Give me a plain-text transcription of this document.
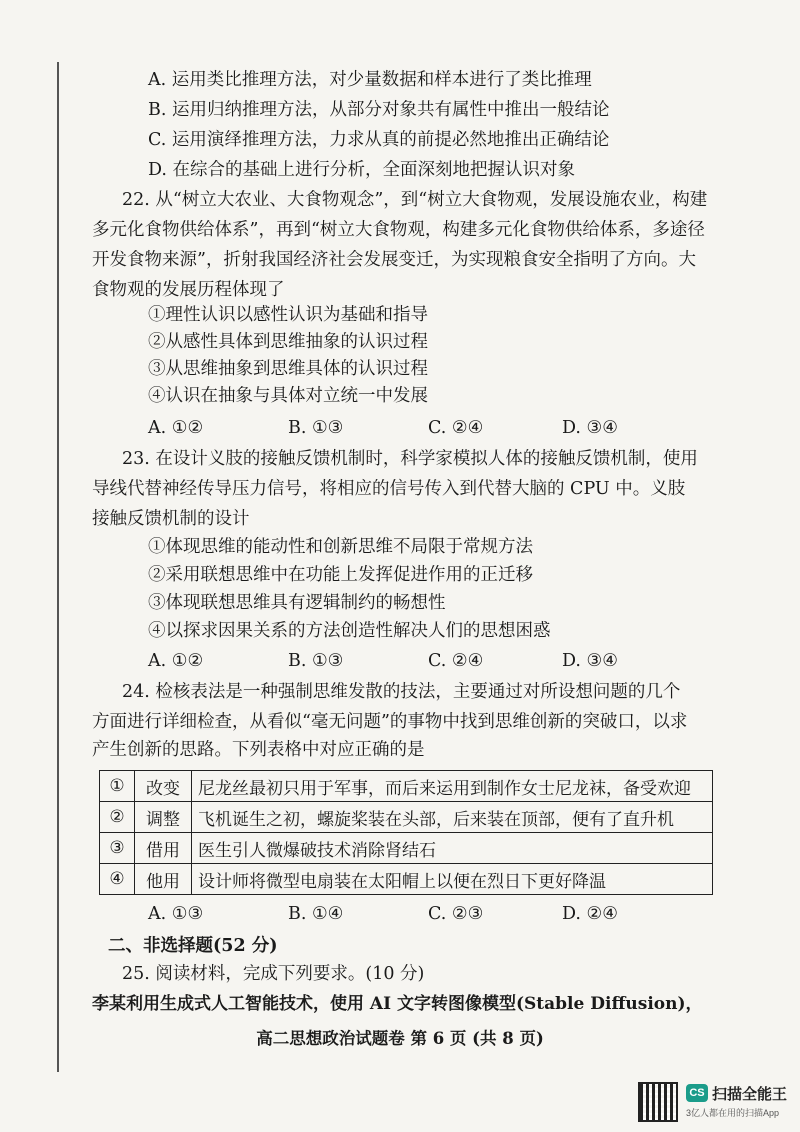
A. 运用类比推理方法，对少量数据和样本进行了类比推理
B. 运用归纳推理方法，从部分对象共有属性中推出一般结论
C. 运用演绎推理方法，力求从真的前提必然地推出正确结论
D. 在综合的基础上进行分析，全面深刻地把握认识对象
22. 从“树立大农业、大食物观念”，到“树立大食物观，发展设施农业，构建
多元化食物供给体系”，再到“树立大食物观，构建多元化食物供给体系，多途径
开发食物来源”，折射我国经济社会发展变迁，为实现粮食安全指明了方向。大
食物观的发展历程体现了
①理性认识以感性认识为基础和指导
②从感性具体到思维抽象的认识过程
③从思维抽象到思维具体的认识过程
④认识在抽象与具体对立统一中发展
A. ①②	B. ①③	C. ②④	D. ③④
23. 在设计义肢的接触反馈机制时，科学家模拟人体的接触反馈机制，使用
导线代替神经传导压力信号，将相应的信号传入到代替大脑的 CPU 中。义肢
接触反馈机制的设计
①体现思维的能动性和创新思维不局限于常规方法
②采用联想思维中在功能上发挥促进作用的正迁移
③体现联想思维具有逻辑制约的畅想性
④以探求因果关系的方法创造性解决人们的思想困惑
A. ①②	B. ①③	C. ②④	D. ③④
24. 检核表法是一种强制思维发散的技法，主要通过对所设想问题的几个
方面进行详细检查，从看似“毫无问题”的事物中找到思维创新的突破口，以求
产生创新的思路。下列表格中对应正确的是
①	改变	尼龙丝最初只用于军事，而后来运用到制作女士尼龙袜，备受欢迎
②	调整	飞机诞生之初，螺旋桨装在头部，后来装在顶部，便有了直升机
③	借用	医生引人微爆破技术消除肾结石
④	他用	设计师将微型电扇装在太阳帽上以便在烈日下更好降温
A. ①③	B. ①④	C. ②③	D. ②④
二、非选择题(52 分)
25. 阅读材料，完成下列要求。(10 分)
李某利用生成式人工智能技术，使用 AI 文字转图像模型(Stable Diffusion)，
高二思想政治试题卷 第 6 页 (共 8 页)
CS 扫描全能王
3亿人都在用的扫描App
